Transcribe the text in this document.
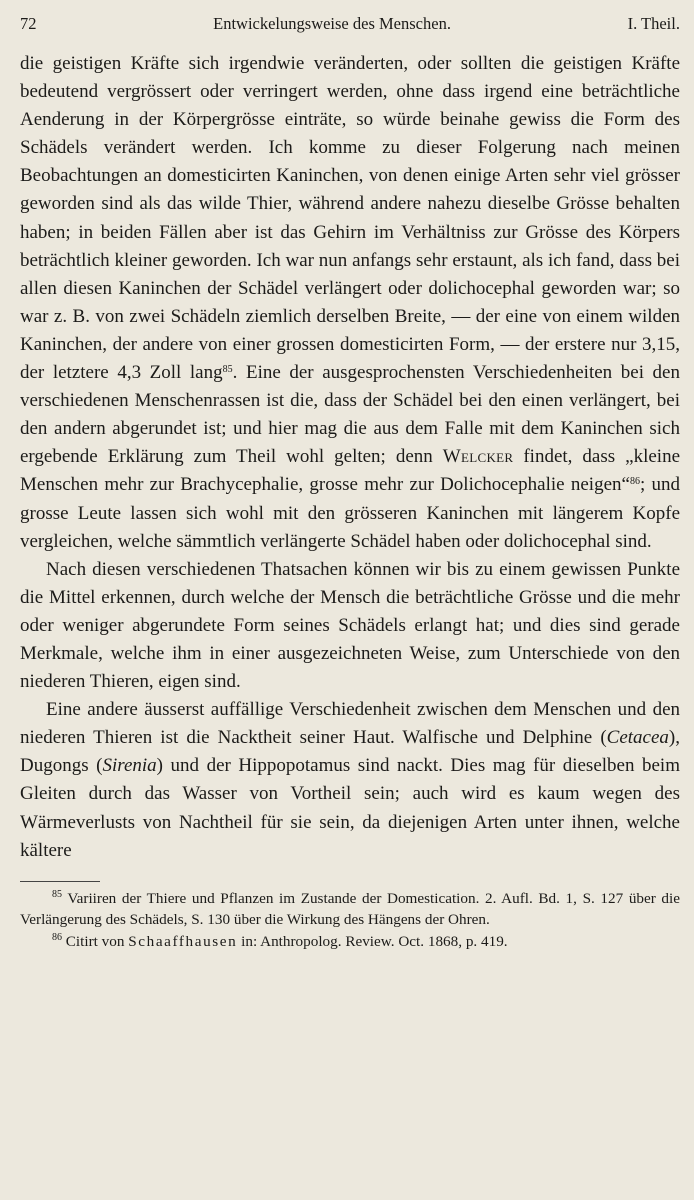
72	Entwickelungsweise des Menschen.	I. Theil.

die geistigen Kräfte sich irgendwie veränderten, oder sollten die geistigen Kräfte bedeutend vergrössert oder verringert werden, ohne dass irgend eine beträchtliche Aenderung in der Körpergrösse einträte, so würde beinahe gewiss die Form des Schädels verändert werden. Ich komme zu dieser Folgerung nach meinen Beobachtungen an domesticirten Kaninchen, von denen einige Arten sehr viel grösser geworden sind als das wilde Thier, während andere nahezu dieselbe Grösse behalten haben; in beiden Fällen aber ist das Gehirn im Verhältniss zur Grösse des Körpers beträchtlich kleiner geworden. Ich war nun anfangs sehr erstaunt, als ich fand, dass bei allen diesen Kaninchen der Schädel verlängert oder dolichocephal geworden war; so war z. B. von zwei Schädeln ziemlich derselben Breite, — der eine von einem wilden Kaninchen, der andere von einer grossen domesticirten Form, — der erstere nur 3,15, der letztere 4,3 Zoll lang$^{85}$. Eine der ausgesprochensten Verschiedenheiten bei den verschiedenen Menschenrassen ist die, dass der Schädel bei den einen verlängert, bei den andern abgerundet ist; und hier mag die aus dem Falle mit dem Kaninchen sich ergebende Erklärung zum Theil wohl gelten; denn Welcker findet, dass „kleine Menschen mehr zur Brachycephalie, grosse mehr zur Dolichocephalie neigen“$^{86}$; und grosse Leute lassen sich wohl mit den grösseren Kaninchen mit längerem Kopfe vergleichen, welche sämmtlich verlängerte Schädel haben oder dolichocephal sind.

Nach diesen verschiedenen Thatsachen können wir bis zu einem gewissen Punkte die Mittel erkennen, durch welche der Mensch die beträchtliche Grösse und die mehr oder weniger abgerundete Form seines Schädels erlangt hat; und dies sind gerade Merkmale, welche ihm in einer ausgezeichneten Weise, zum Unterschiede von den niederen Thieren, eigen sind.

Eine andere äusserst auffällige Verschiedenheit zwischen dem Menschen und den niederen Thieren ist die Nacktheit seiner Haut. Walfische und Delphine (Cetacea), Dugongs (Sirenia) und der Hippopotamus sind nackt. Dies mag für dieselben beim Gleiten durch das Wasser von Vortheil sein; auch wird es kaum wegen des Wärmeverlusts von Nachtheil für sie sein, da diejenigen Arten unter ihnen, welche kältere

$^{85}$ Variiren der Thiere und Pflanzen im Zustande der Domestication. 2. Aufl. Bd. 1, S. 127 über die Verlängerung des Schädels, S. 130 über die Wirkung des Hängens der Ohren.

$^{86}$ Citirt von Schaaffhausen in: Anthropolog. Review. Oct. 1868, p. 419.
